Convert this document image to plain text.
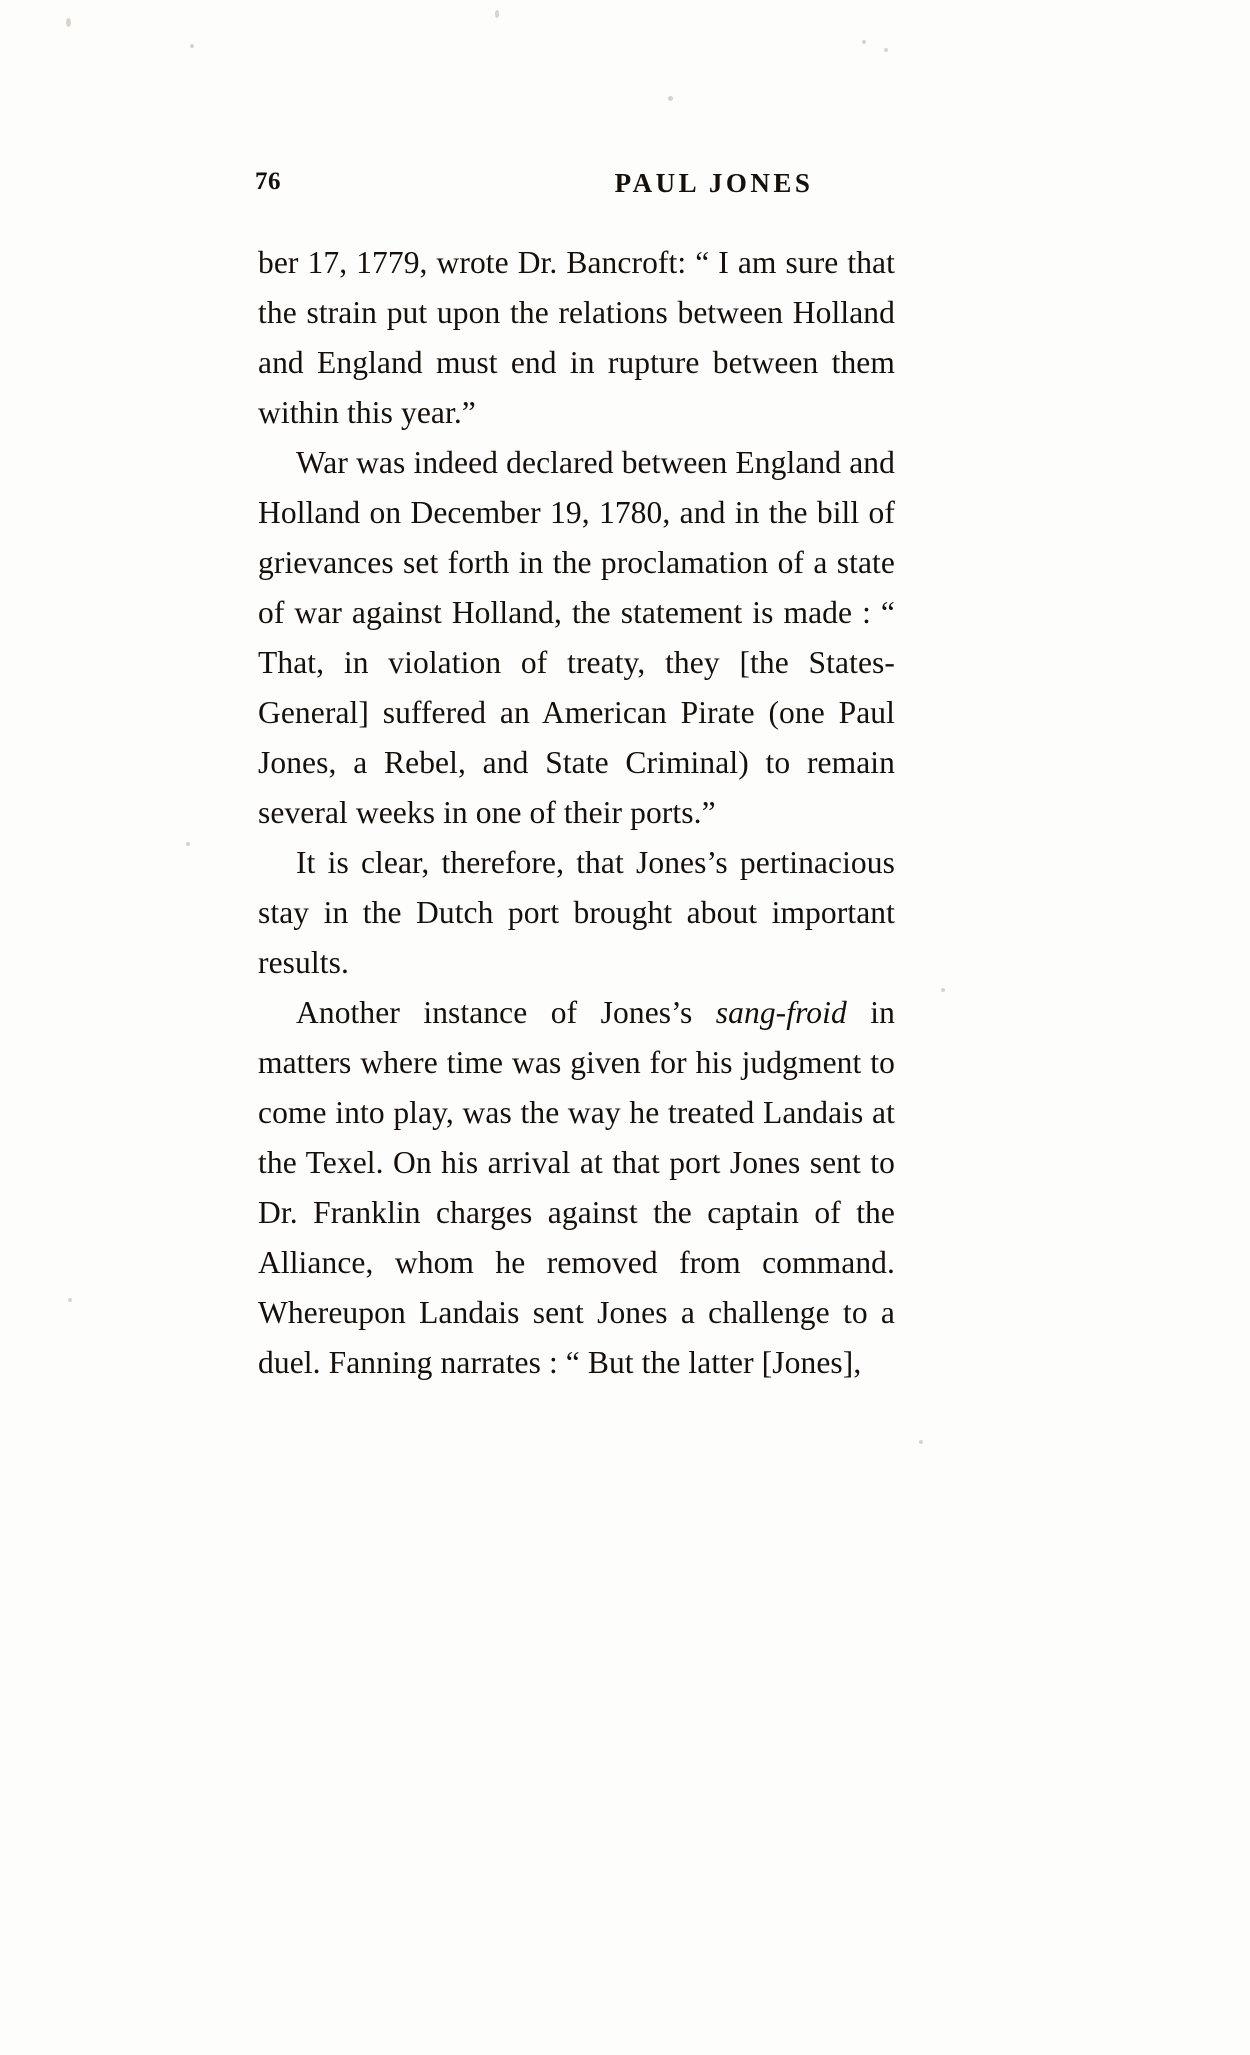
76	PAUL JONES

ber 17, 1779, wrote Dr. Bancroft: “ I am sure that the strain put upon the relations between Holland and England must end in rupture between them within this year.”

War was indeed declared between England and Holland on December 19, 1780, and in the bill of grievances set forth in the proclamation of a state of war against Holland, the statement is made : “ That, in violation of treaty, they [the States-General] suffered an American Pirate (one Paul Jones, a Rebel, and State Criminal) to remain several weeks in one of their ports.”

It is clear, therefore, that Jones’s pertinacious stay in the Dutch port brought about important results.

Another instance of Jones’s sang-froid in matters where time was given for his judgment to come into play, was the way he treated Landais at the Texel. On his arrival at that port Jones sent to Dr. Franklin charges against the captain of the Alliance, whom he removed from command. Whereupon Landais sent Jones a challenge to a duel. Fanning narrates : “ But the latter [Jones],
